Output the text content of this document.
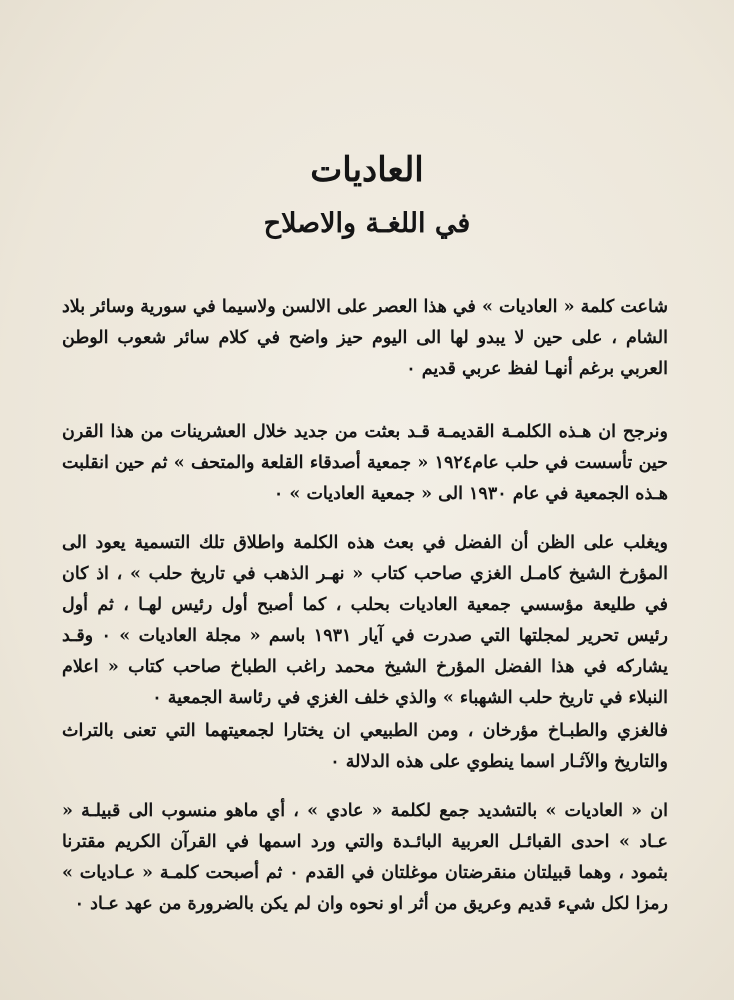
العاديات
في اللغـة والاصلاح

شاعت كلمة « العاديات » في هذا العصر على الالسن ولاسيما في سورية وسائر بلاد الشام ، على حين لا يبدو لها الى اليوم حيز واضح في كلام سائر شعوب الوطن العربي برغم أنهـا لفظ عربي قديم ٠

ونرجح ان هـذه الكلمـة القديمـة قـد بعثت من جديد خلال العشرينات من هذا القرن حين تأسست في حلب عام١٩٢٤ « جمعية أصدقاء القلعة والمتحف » ثم حين انقلبت هـذه الجمعية في عام ١٩٣٠ الى « جمعية العاديات » ٠

ويغلب على الظن أن الفضل في بعث هذه الكلمة واطلاق تلك التسمية يعود الى المؤرخ الشيخ كامـل الغزي صاحب كتاب « نهـر الذهب في تاريخ حلب » ، اذ كان في طليعة مؤسسي جمعية العاديات بحلب ، كما أصبح أول رئيس لهـا ، ثم أول رئيس تحرير لمجلتها التي صدرت في آيار ١٩٣١ باسم « مجلة العاديات » ٠ وقـد يشاركه في هذا الفضل المؤرخ الشيخ محمد راغب الطباخ صاحب كتاب « اعلام النبلاء في تاريخ حلب الشهباء » والذي خلف الغزي في رئاسة الجمعية ٠

فالغزي والطبـاخ مؤرخان ، ومن الطبيعي ان يختارا لجمعيتهما التي تعنى بالتراث والتاريخ والآثـار اسما ينطوي على هذه الدلالة ٠

ان « العاديات » بالتشديد جمع لكلمة « عادي » ، أي ماهو منسوب الى قبيلـة « عـاد » احدى القبائـل العربية البائـدة والتي ورد اسمها في القرآن الكريم مقترنا بثمود ، وهما قبيلتان منقرضتان موغلتان في القدم ٠ ثم أصبحت كلمـة « عـاديات » رمزا لكل شيء قديم وعريق من أثر او نحوه وان لم يكن بالضرورة من عهد عـاد ٠
